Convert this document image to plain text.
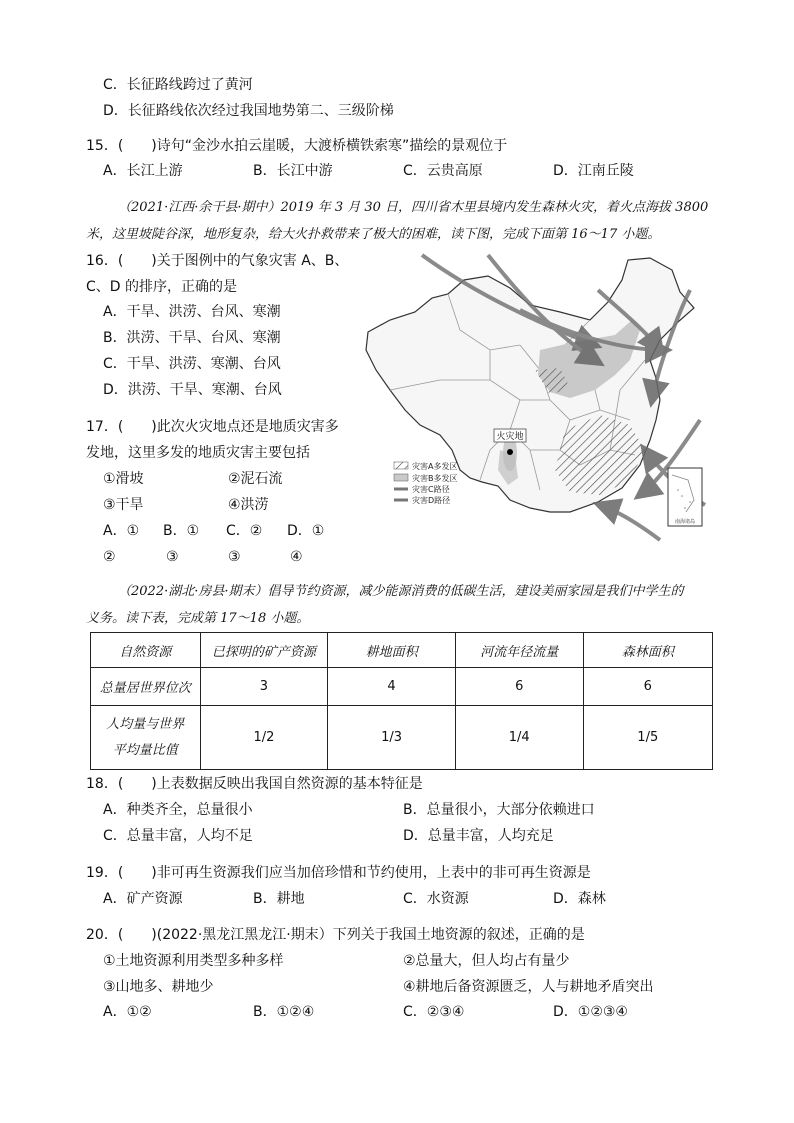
C．长征路线跨过了黄河
D．长征路线依次经过我国地势第二、三级阶梯
15．(　　)诗句“金沙水拍云崖暖，大渡桥横铁索寒”描绘的景观位于
A．长江上游	B．长江中游	C．云贵高原	D．江南丘陵
（2021·江西·余干县·期中）2019 年 3 月 30 日，四川省木里县境内发生森林火灾，着火点海拔 3800
米，这里坡陡谷深，地形复杂，给大火扑救带来了极大的困难，读下图，完成下面第 16～17 小题。
16．(　　)关于图例中的气象灾害 A、B、
C、D 的排序，正确的是
A．干旱、洪涝、台风、寒潮
B．洪涝、干旱、台风、寒潮
C．干旱、洪涝、寒潮、台风
D．洪涝、干旱、寒潮、台风
17．(　　)此次火灾地点还是地质灾害多
发地，这里多发的地质灾害主要包括
①滑坡	②泥石流
③干旱	④洪涝
A．① B．① C．② D．①
②	③	③	④
火灾地
灾害A多发区
灾害B多发区
灾害C路径
灾害D路径
南海诸岛
（2022·湖北·房县·期末）倡导节约资源，减少能源消费的低碳生活，建设美丽家园是我们中学生的
义务。读下表，完成第 17～18 小题。
自然资源	已探明的矿产资源	耕地面积	河流年径流量	森林面积
总量居世界位次	3	4	6	6
人均量与世界
平均量比值	1/2	1/3	1/4	1/5
18．(　　)上表数据反映出我国自然资源的基本特征是
A．种类齐全，总量很小	B．总量很小，大部分依赖进口
C．总量丰富，人均不足	D．总量丰富，人均充足
19．(　　)非可再生资源我们应当加倍珍惜和节约使用，上表中的非可再生资源是
A．矿产资源	B．耕地	C．水资源	D．森林
20．(　　)(2022·黑龙江黑龙江·期末）下列关于我国土地资源的叙述，正确的是
①土地资源利用类型多种多样	②总量大，但人均占有量少
③山地多、耕地少	④耕地后备资源匮乏，人与耕地矛盾突出
A．①②	B．①②④	C．②③④	D．①②③④
